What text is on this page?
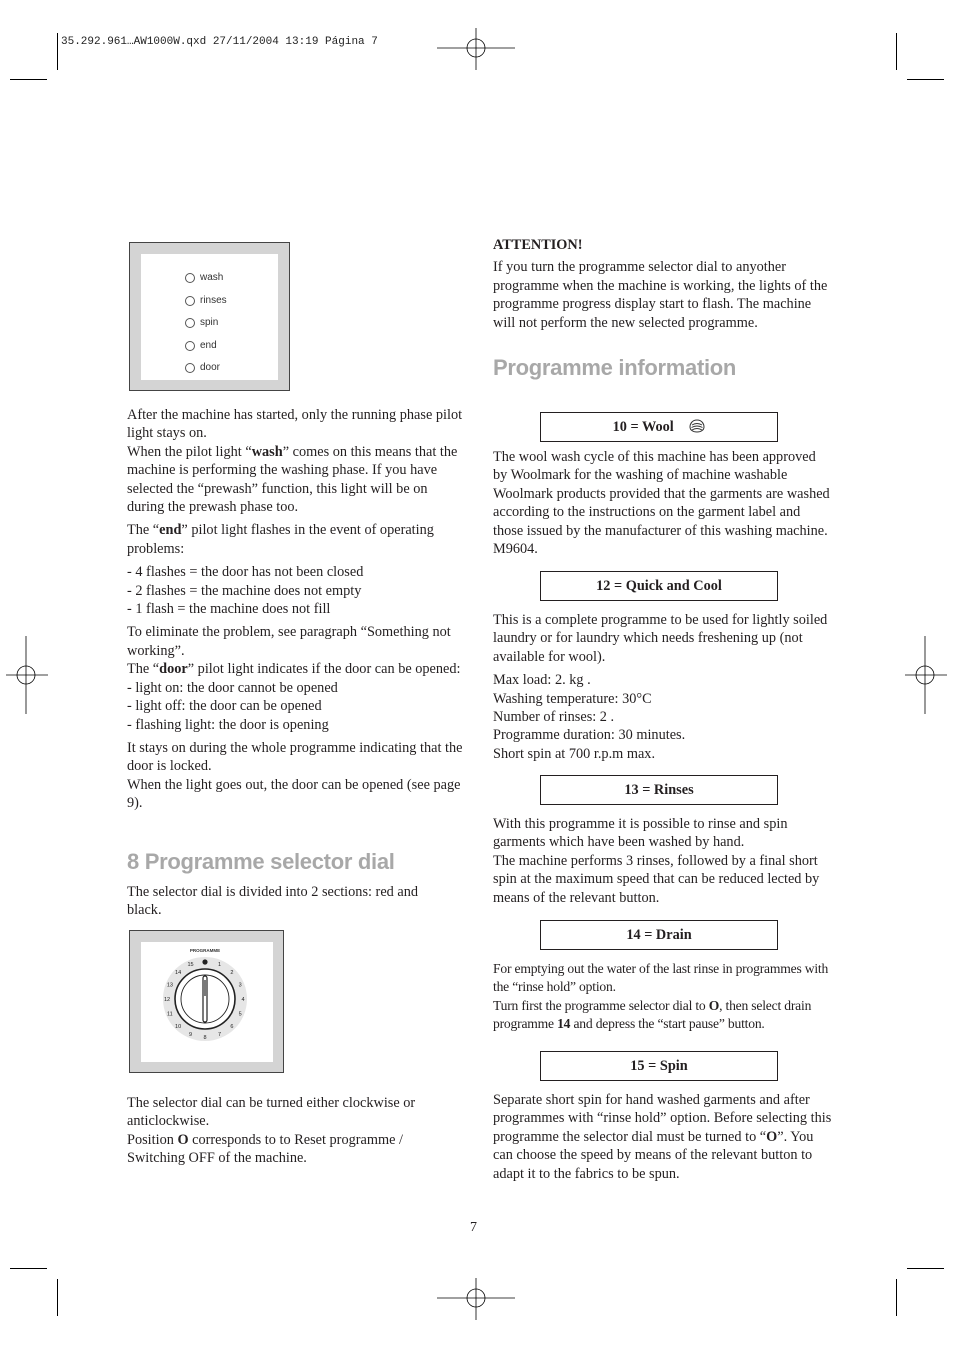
35.292.961…AW1000W.qxd 27/11/2004 13:19 Página 7
wash
rinses
spin
end
door

After the machine has started, only the running phase pilot light stays on.

When the pilot light “wash” comes on this means that the machine is performing the washing phase. If you have selected the “prewash” function, this light will be on during the prewash phase too.

The “end” pilot light flashes in the event of operating problems:

- 4 flashes = the door has not been closed

- 2 flashes = the machine does not empty

- 1 flash = the machine does not fill

To eliminate the problem, see paragraph “Something not working”.

The “door” pilot light indicates if the door can be opened:

- light on: the door cannot be opened

- light off: the door can be opened

- flashing light: the door is opening

It stays on during the whole programme indicating that the door is locked.

When the light goes out, the door can be opened (see page 9).

8 Programme selector dial

The selector dial is divided into 2 sections: red and black.

PROGRAMME
1
2
3
4
5
6
7
8
9
10
11
12
13
14
15

The selector dial can be turned either clockwise or anticlockwise.

Position O corresponds to to Reset programme / Switching OFF of the machine.

ATTENTION!

If you turn the programme selector dial to anyother programme when the machine is working, the lights of the programme progress display start to flash. The machine will not perform the new selected programme.

Programme information
10 = Wool

The wool wash cycle of this machine has been approved by Woolmark for the washing of machine washable Woolmark products provided that the garments are washed according to the instructions on the garment label and those issued by the manufacturer of this washing machine. M9604.

12 = Quick and Cool

This is a complete programme to be used for lightly soiled laundry or for laundry which needs freshening up (not available for wool).

Max load: 2. kg .

Washing temperature: 30°C

Number of rinses: 2 .

Programme duration: 30 minutes.

Short spin at 700 r.p.m max.

13 = Rinses

With this programme it is possible to rinse and spin garments which have been washed by hand.

The machine performs 3 rinses, followed by a final short spin at the maximum speed that can be reduced lected by means of the relevant button.

14 = Drain

For emptying out the water of the last rinse in programmes with the “rinse hold” option.

Turn first the programme selector dial to O, then select drain programme 14 and depress the “start pause” button.

15 = Spin

Separate short spin for hand washed garments and after programmes with “rinse hold” option. Before selecting this programme the selector dial must be turned to “O”. You can choose the speed by means of the relevant button to adapt it to the fabrics to be spun.

7
